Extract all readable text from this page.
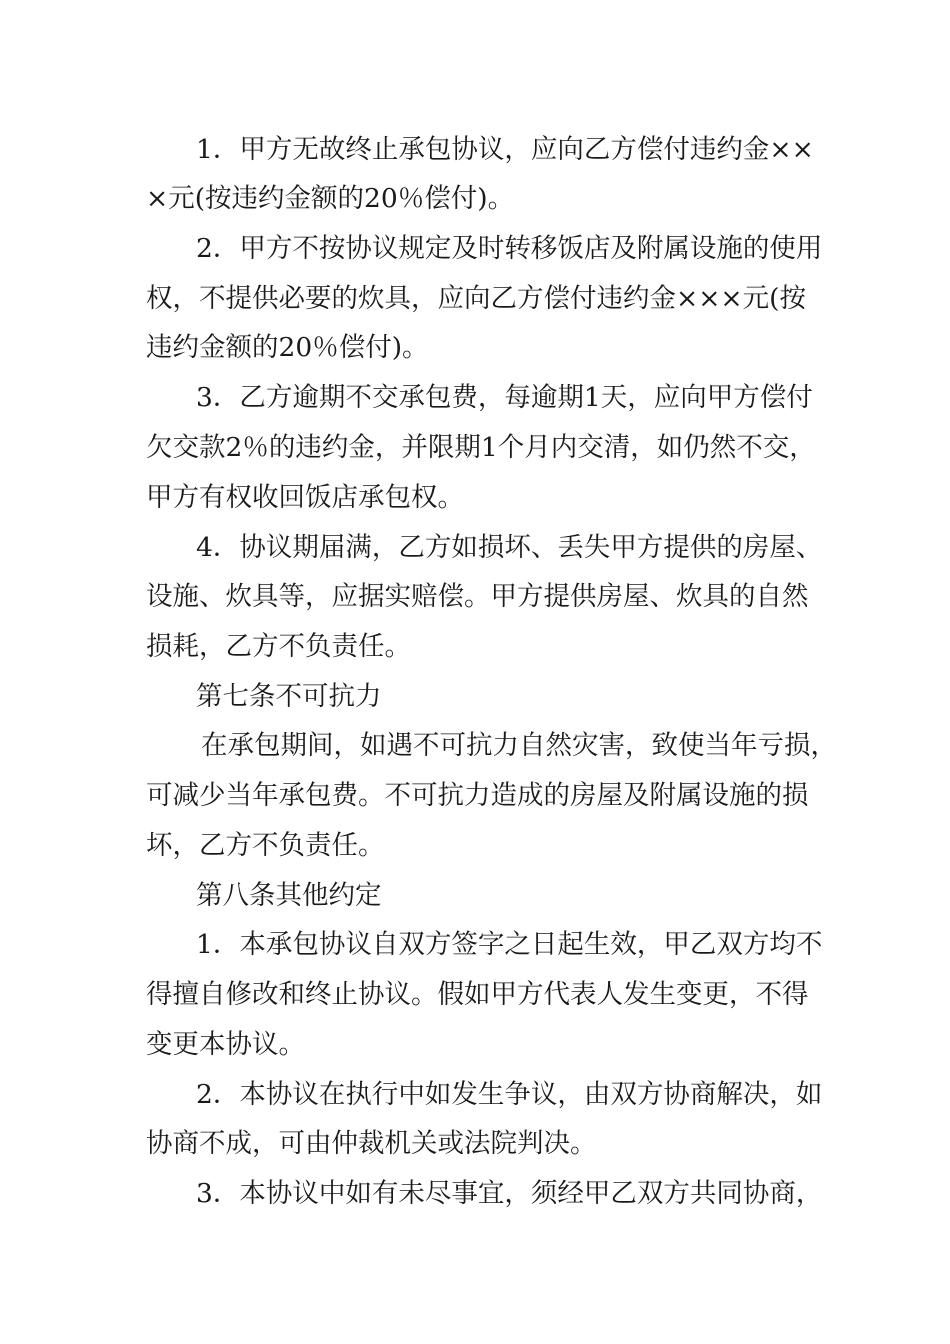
1．甲方无故终止承包协议，应向乙方偿付违约金××
×元(按违约金额的20％偿付)。
2．甲方不按协议规定及时转移饭店及附属设施的使用
权，不提供必要的炊具，应向乙方偿付违约金×××元(按
违约金额的20％偿付)。
3．乙方逾期不交承包费，每逾期1天，应向甲方偿付
欠交款2％的违约金，并限期1个月内交清，如仍然不交，
甲方有权收回饭店承包权。
4．协议期届满，乙方如损坏、丢失甲方提供的房屋、
设施、炊具等，应据实赔偿。甲方提供房屋、炊具的自然
损耗，乙方不负责任。
第七条不可抗力
在承包期间，如遇不可抗力自然灾害，致使当年亏损，
可减少当年承包费。不可抗力造成的房屋及附属设施的损
坏，乙方不负责任。
第八条其他约定
1．本承包协议自双方签字之日起生效，甲乙双方均不
得擅自修改和终止协议。假如甲方代表人发生变更，不得
变更本协议。
2．本协议在执行中如发生争议，由双方协商解决，如
协商不成，可由仲裁机关或法院判决。
3．本协议中如有未尽事宜，须经甲乙双方共同协商，
